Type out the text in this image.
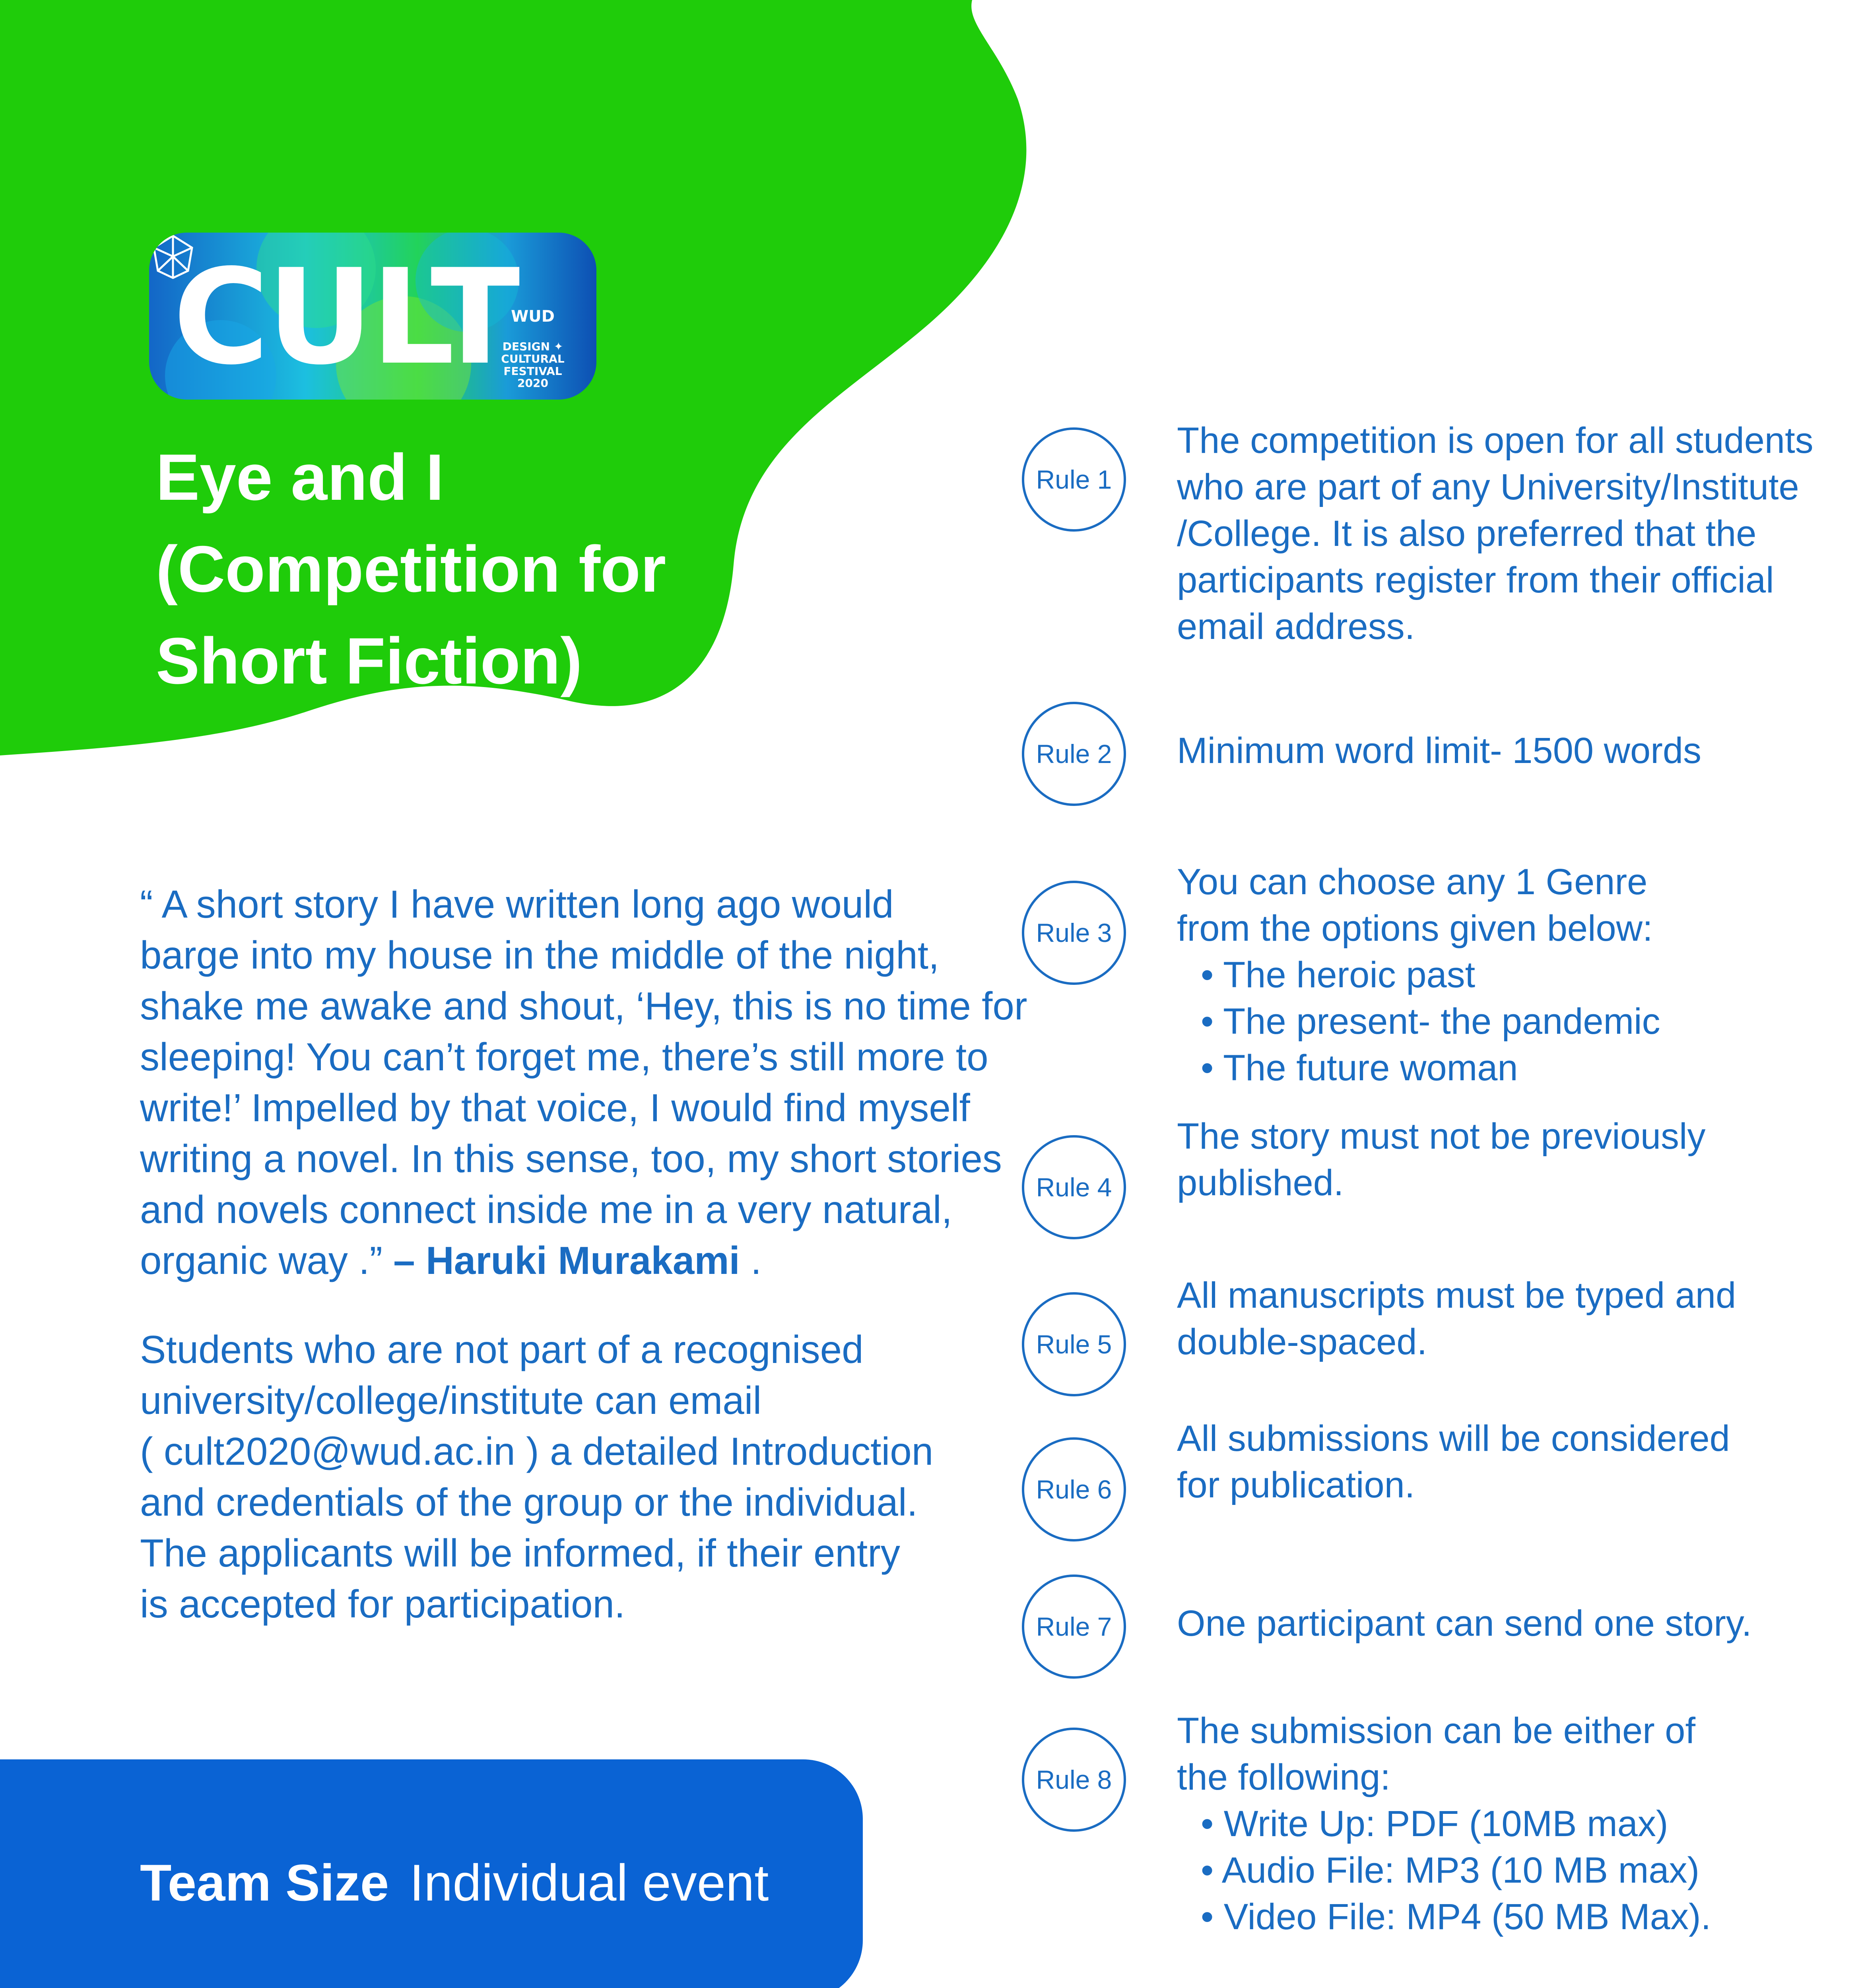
CULT
WUD
DESIGN ✦ CULTURAL
FESTIVAL 2020
Eye and I
(Competition for
Short Fiction)
“ A short story I have written long ago would
barge into my house in the middle of the night,
shake me awake and shout, ‘Hey, this is no time for
sleeping! You can’t forget me, there’s still more to
write!’ Impelled by that voice, I would find myself
writing a novel. In this sense, too, my short stories
and novels connect inside me in a very natural,
organic way .” – Haruki Murakami .
Students who are not part of a recognised
university/college/institute can email
( cult2020@wud.ac.in ) a detailed Introduction
and credentials of the group or the individual.
The applicants will be informed, if their entry
is accepted for participation.
Team Size Individual event
Rule 1
The competition is open for all students
who are part of any University/Institute
/College. It is also preferred that the
participants register from their official
email address.
Rule 2	Minimum word limit- 1500 words
Rule 3
You can choose any 1 Genre
from the options given below:
• The heroic past
• The present- the pandemic
• The future woman
Rule 4
The story must not be previously
published.
Rule 5
All manuscripts must be typed and
double-spaced.
Rule 6
All submissions will be considered
for publication.
Rule 7	One participant can send one story.
Rule 8
The submission can be either of
the following:
• Write Up: PDF (10MB max)
• Audio File: MP3 (10 MB max)
• Video File: MP4 (50 MB Max).
